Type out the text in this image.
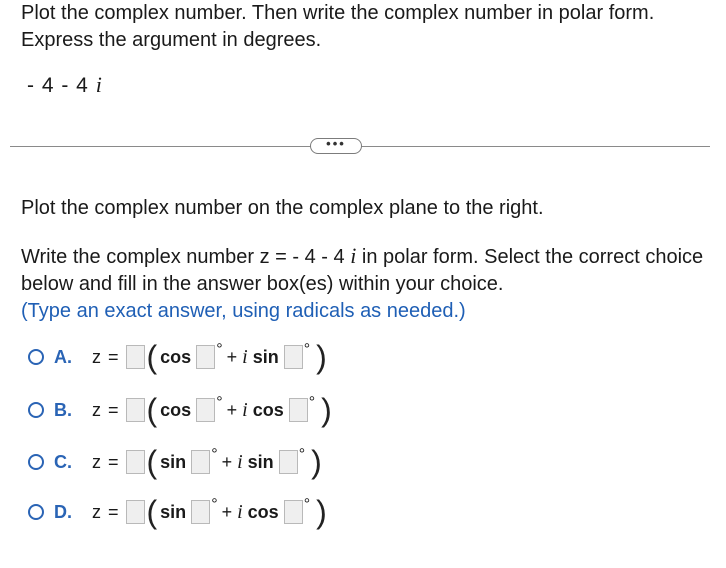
Plot the complex number. Then write the complex number in polar form. Express the argument in degrees.
- 4 - 4 i
•••
Plot the complex number on the complex plane to the right.
Write the complex number z = - 4 - 4 i in polar form. Select the correct choice below and fill in the answer box(es) within your choice.
(Type an exact answer, using radicals as needed.)
A.	z = ( cos ° + i sin ° )
B.	z = ( cos ° + i cos ° )
C.	z = ( sin ° + i sin ° )
D.	z = ( sin ° + i cos ° )
